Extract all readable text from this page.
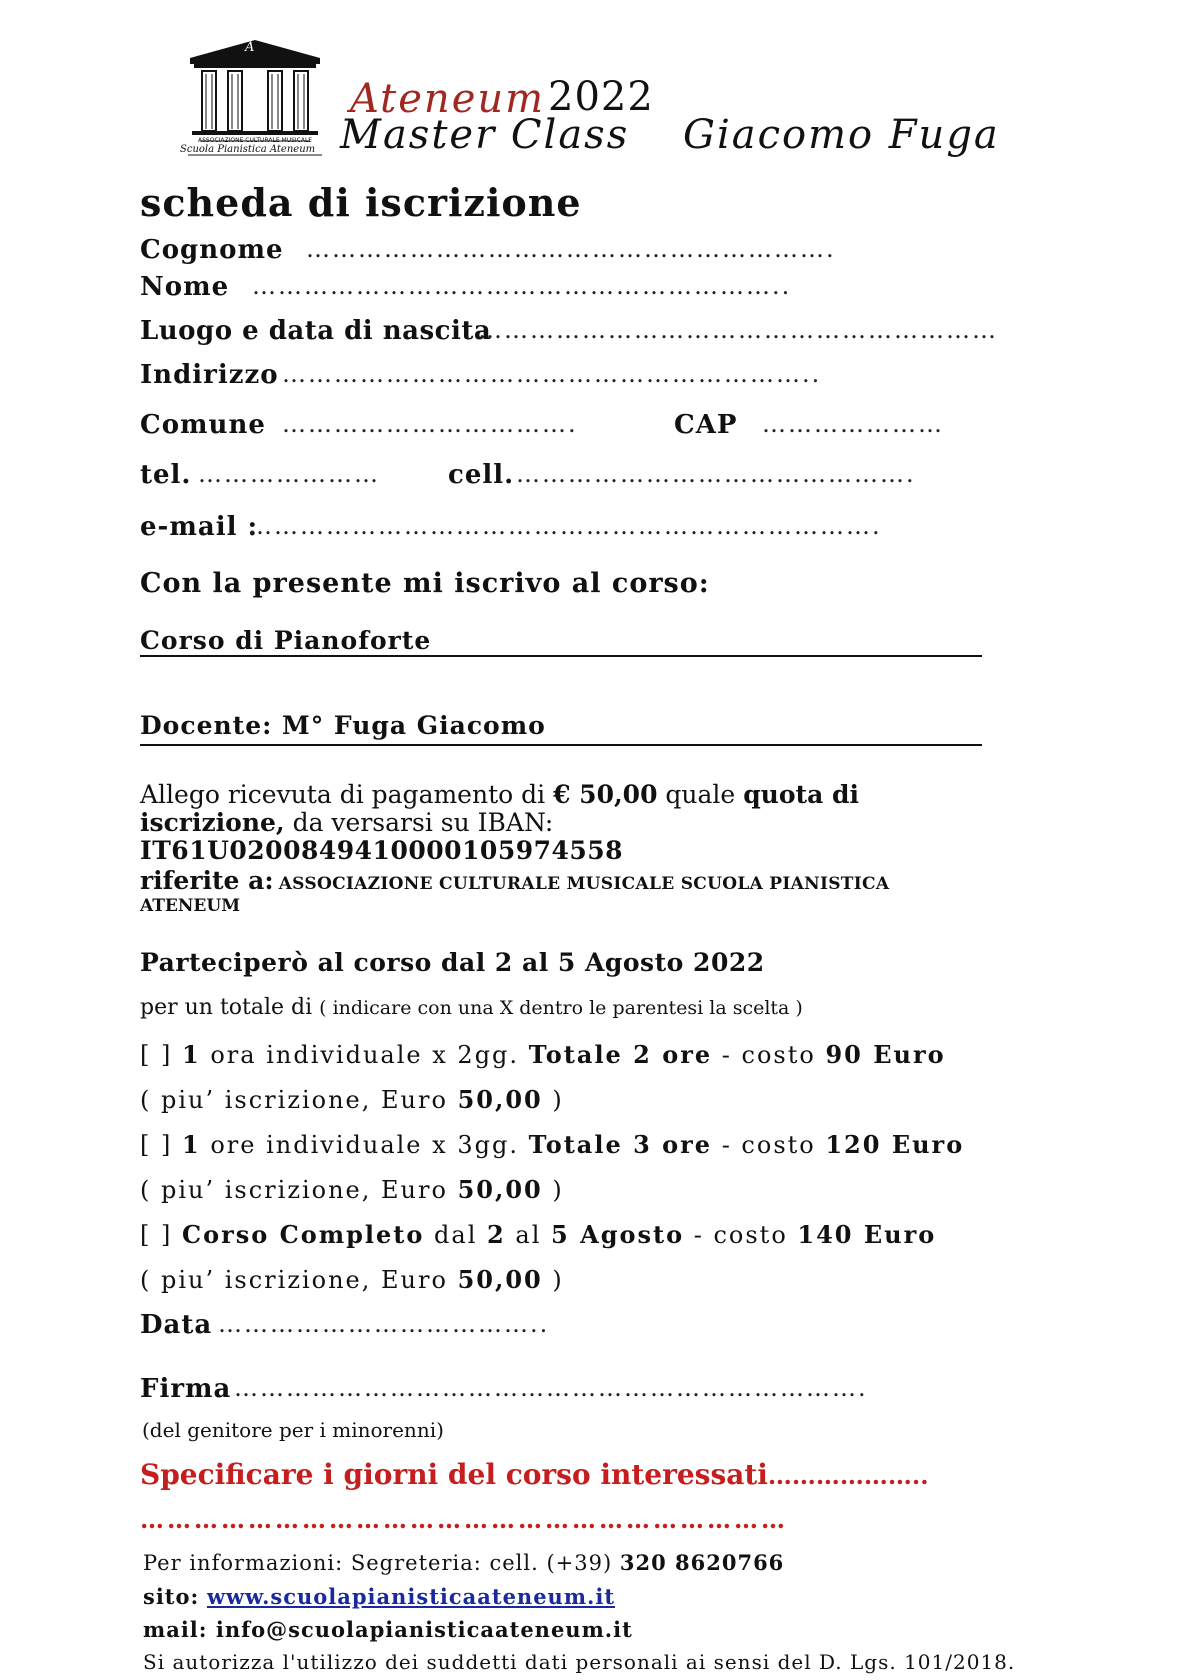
A
ASSOCIAZIONE CULTURALE MUSICALE
Scuola Pianistica Ateneum
Ateneum 2022
Master Class Giacomo Fuga
scheda di iscrizione
Cognome …………………………………………………….
Nome ……………………………………………………..
Luogo e data di nascita
……………………………………………………
Indirizzo ……………………………………………………..
Comune …………………………….	CAP …………………
tel. …………………	cell. ……………………………………….
e-mail :
……………………………………………………………….
Con la presente mi iscrivo al corso:
Corso di Pianoforte
Docente: M° Fuga Giacomo
Allego ricevuta di pagamento di € 50,00 quale quota di
iscrizione, da versarsi su IBAN:
IT61U0200849410000105974558
riferite a: ASSOCIAZIONE CULTURALE MUSICALE SCUOLA PIANISTICA
ATENEUM
Parteciperò al corso dal 2 al 5 Agosto 2022
per un totale di ( indicare con una X dentro le parentesi la scelta )
[ ] 1 ora individuale x 2gg. Totale 2 ore - costo 90 Euro
( piu’ iscrizione, Euro 50,00 )
[ ] 1 ore individuale x 3gg. Totale 3 ore - costo 120 Euro
( piu’ iscrizione, Euro 50,00 )
[ ] Corso Completo dal 2 al 5 Agosto - costo 140 Euro
( piu’ iscrizione, Euro 50,00 )
Data ………………………………..
Firma ……………………………………………………………….
(del genitore per i minorenni)
Specificare i giorni del corso interessati………………..
………………………………………………………………
Per informazioni: Segreteria: cell. (+39) 320 8620766
sito: www.scuolapianisticaateneum.it
mail: info@scuolapianisticaateneum.it
Si autorizza l'utilizzo dei suddetti dati personali ai sensi del D. Lgs. 101/2018.
